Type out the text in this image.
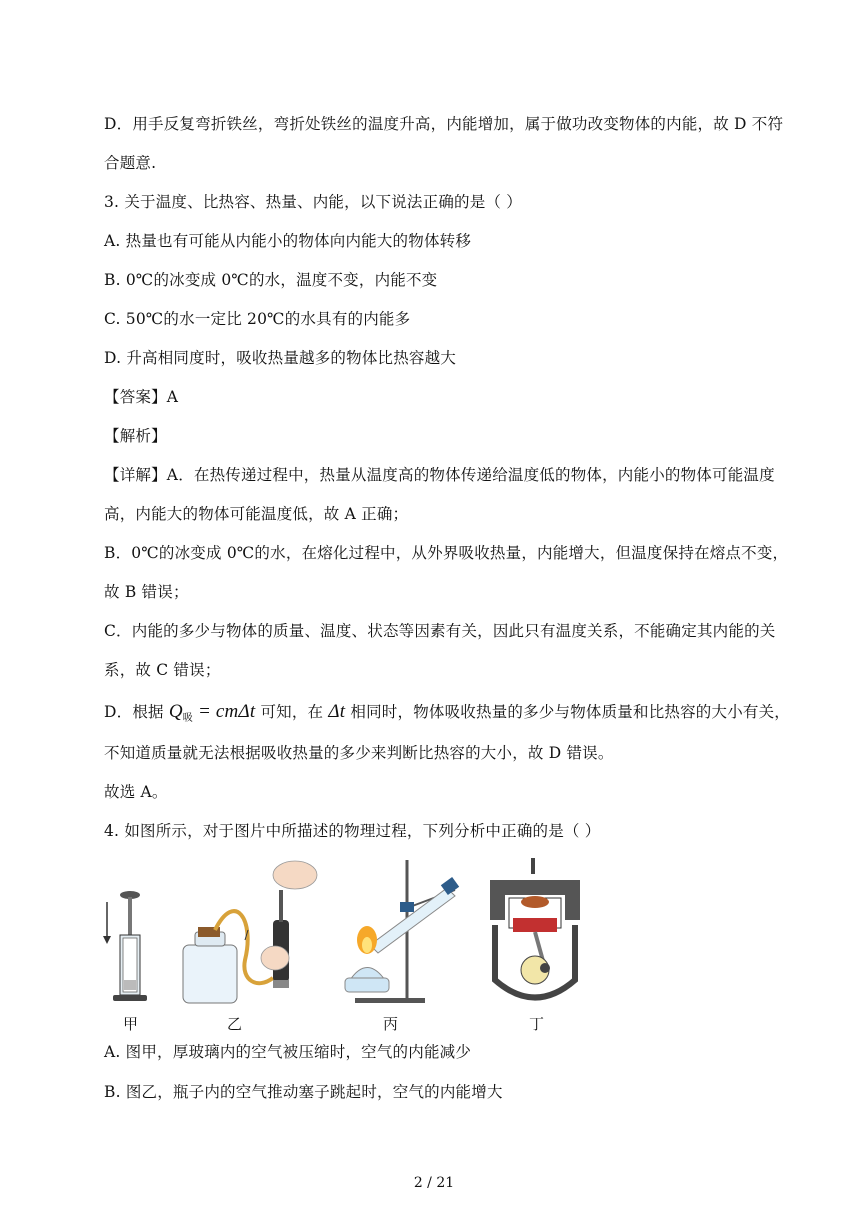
D．用手反复弯折铁丝，弯折处铁丝的温度升高，内能增加，属于做功改变物体的内能，故 D 不符
合题意.
3. 关于温度、比热容、热量、内能，以下说法正确的是（ ）
A. 热量也有可能从内能小的物体向内能大的物体转移
B. 0℃的冰变成 0℃的水，温度不变，内能不变
C. 50℃的水一定比 20℃的水具有的内能多
D. 升高相同度时，吸收热量越多的物体比热容越大
【答案】A
【解析】
【详解】A．在热传递过程中，热量从温度高的物体传递给温度低的物体，内能小的物体可能温度
高，内能大的物体可能温度低，故 A 正确；
B．0℃的冰变成 0℃的水，在熔化过程中，从外界吸收热量，内能增大，但温度保持在熔点不变，
故 B 错误；
C．内能的多少与物体的质量、温度、状态等因素有关，因此只有温度关系，不能确定其内能的关
系，故 C 错误；
D．根据 $Q_吸 = cm\Delta t$ 可知，在 Δt 相同时，物体吸收热量的多少与物体质量和比热容的大小有关，
不知道质量就无法根据吸收热量的多少来判断比热容的大小，故 D 错误。
故选 A。
4. 如图所示，对于图片中所描述的物理过程，下列分析中正确的是（ ）
甲	乙	丙	丁
A. 图甲，厚玻璃内的空气被压缩时，空气的内能减少
B. 图乙，瓶子内的空气推动塞子跳起时，空气的内能增大
2 / 21
